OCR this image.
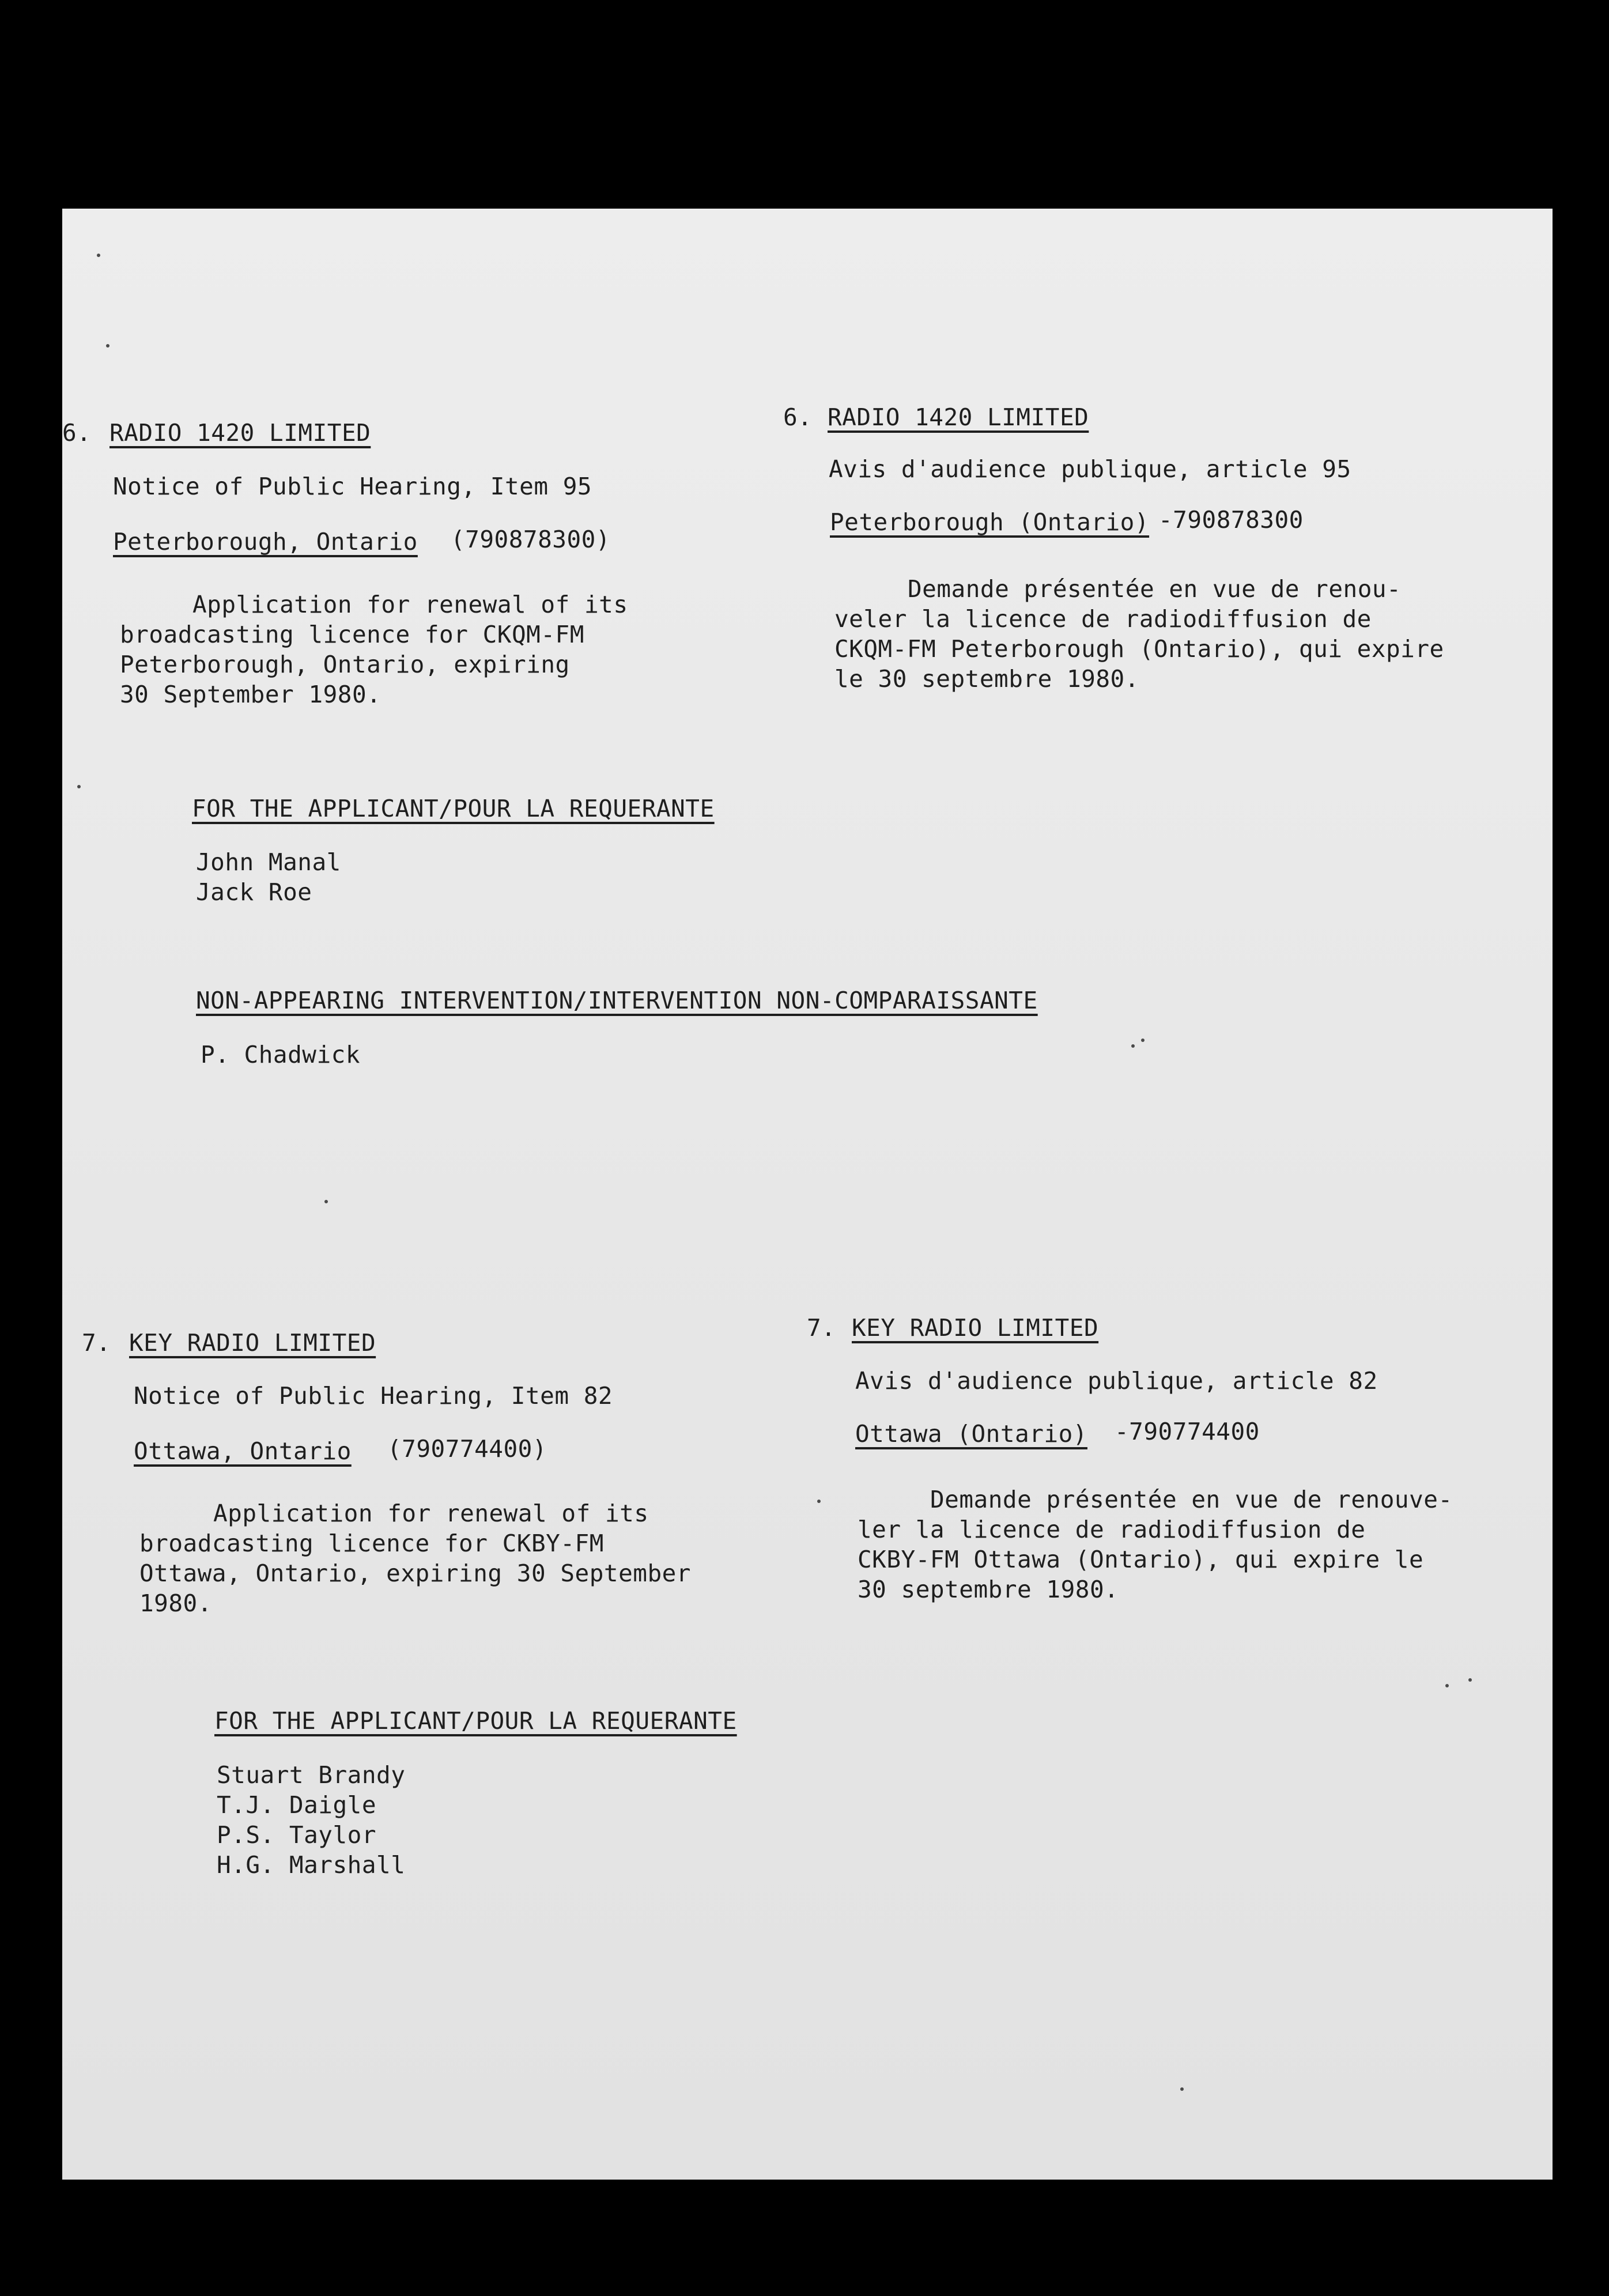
6. RADIO 1420 LIMITED
Notice of Public Hearing, Item 95
Peterborough, Ontario (790878300)
Application for renewal of its
broadcasting licence for CKQM-FM
Peterborough, Ontario, expiring
30 September 1980.
6. RADIO 1420 LIMITED
Avis d'audience publique, article 95
Peterborough (Ontario) -790878300
Demande présentée en vue de renou-
veler la licence de radiodiffusion de
CKQM-FM Peterborough (Ontario), qui expire
le 30 septembre 1980.
FOR THE APPLICANT/POUR LA REQUERANTE
John Manal
Jack Roe
NON-APPEARING INTERVENTION/INTERVENTION NON-COMPARAISSANTE
P. Chadwick
7. KEY RADIO LIMITED
Notice of Public Hearing, Item 82
Ottawa, Ontario (790774400)
Application for renewal of its
broadcasting licence for CKBY-FM
Ottawa, Ontario, expiring 30 September
1980.
7. KEY RADIO LIMITED
Avis d'audience publique, article 82
Ottawa (Ontario) -790774400
Demande présentée en vue de renouve-
ler la licence de radiodiffusion de
CKBY-FM Ottawa (Ontario), qui expire le
30 septembre 1980.
FOR THE APPLICANT/POUR LA REQUERANTE
Stuart Brandy
T.J. Daigle
P.S. Taylor
H.G. Marshall
